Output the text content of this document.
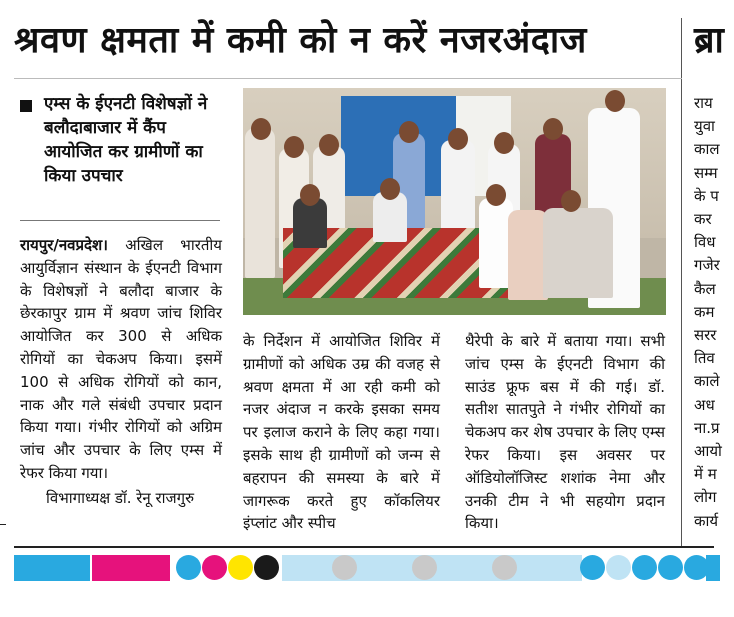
श्रवण क्षमता में कमी को न करें नजरअंदाज	ब्रा
एम्स के ईएनटी विशेषज्ञों ने बलौदाबाजार में कैंप आयोजित कर ग्रामीणों का किया उपचार
रायपुर/नवप्रदेश। अखिल भारतीय आयुर्विज्ञान संस्थान के ईएनटी विभाग के विशेषज्ञों ने बलौदा बाजार के छेरकापुर ग्राम में श्रवण जांच शिविर आयोजित कर 300 से अधिक रोगियों का चेकअप किया। इसमें 100 से अधिक रोगियों को कान, नाक और गले संबंधी उपचार प्रदान किया गया। गंभीर रोगियों को अग्रिम जांच और उपचार के लिए एम्स में रेफर किया गया।
विभागाध्यक्ष डॉ. रेनू राजगुरु
के निर्देशन में आयोजित शिविर में ग्रामीणों को अधिक उम्र की वजह से श्रवण क्षमता में आ रही कमी को नजर अंदाज न करके इसका समय पर इलाज कराने के लिए कहा गया। इसके साथ ही ग्रामीणों को जन्म से बहरापन की समस्या के बारे में जागरूक करते हुए कॉकलियर इंप्लांट और स्पीच
थैरेपी के बारे में बताया गया। सभी जांच एम्स के ईएनटी विभाग की साउंड फ्रूफ बस में की गई। डॉ. सतीश सातपुते ने गंभीर रोगियों का चेकअप कर शेष उपचार के लिए एम्स रेफर किया। इस अवसर पर ऑडियोलॉजिस्ट शशांक नेमा और उनकी टीम ने भी सहयोग प्रदान किया।
राय
युवा
काल
सम्म
के प
कर
विध
गजेर
कैल
कम
सरर
तिव
काले
अध
ना.प्र
आयो
में म
लोग
कार्य
